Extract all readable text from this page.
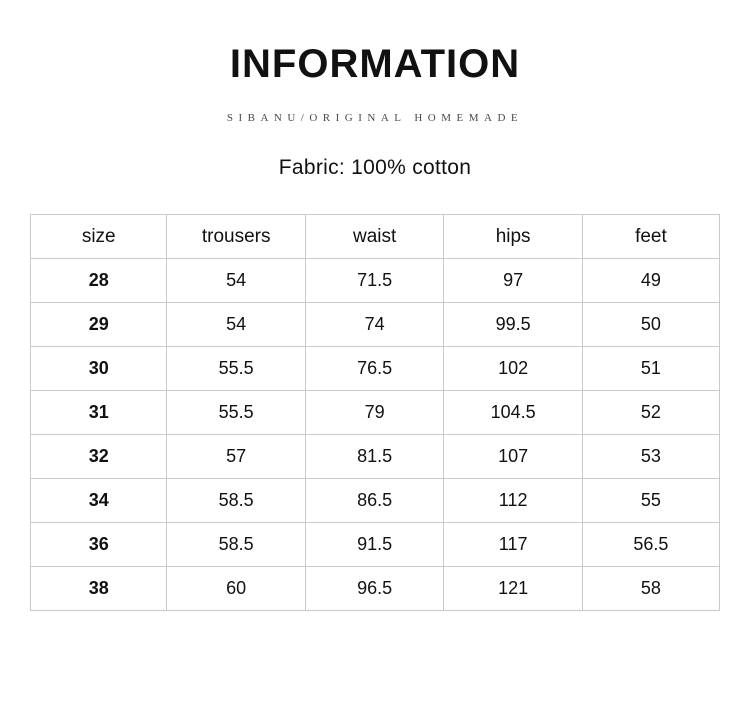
INFORMATION
SIBANU/ORIGINAL HOMEMADE
Fabric: 100% cotton
size	trousers	waist	hips	feet
28	54	71.5	97	49
29	54	74	99.5	50
30	55.5	76.5	102	51
31	55.5	79	104.5	52
32	57	81.5	107	53
34	58.5	86.5	112	55
36	58.5	91.5	117	56.5
38	60	96.5	121	58
